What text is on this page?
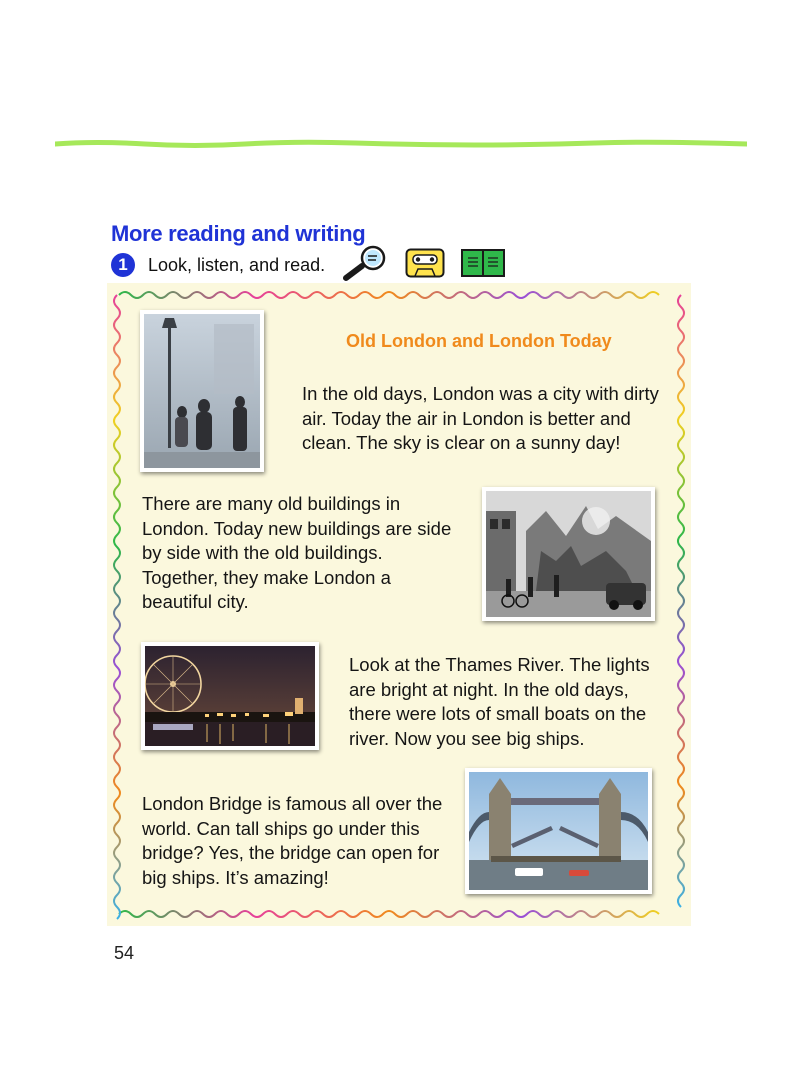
More reading and writing
1	Look, listen, and read.
Old London and London Today

In the old days, London was a city with dirty air. Today the air in London is better and clean. The sky is clear on a sunny day!

There are many old buildings in London. Today new buildings are side by side with the old buildings. Together, they make London a beautiful city.

Look at the Thames River. The lights are bright at night. In the old days, there were lots of small boats on the river. Now you see big ships.

London Bridge is famous all over the world. Can tall ships go under this bridge? Yes, the bridge can open for big ships. It’s amazing!

54
